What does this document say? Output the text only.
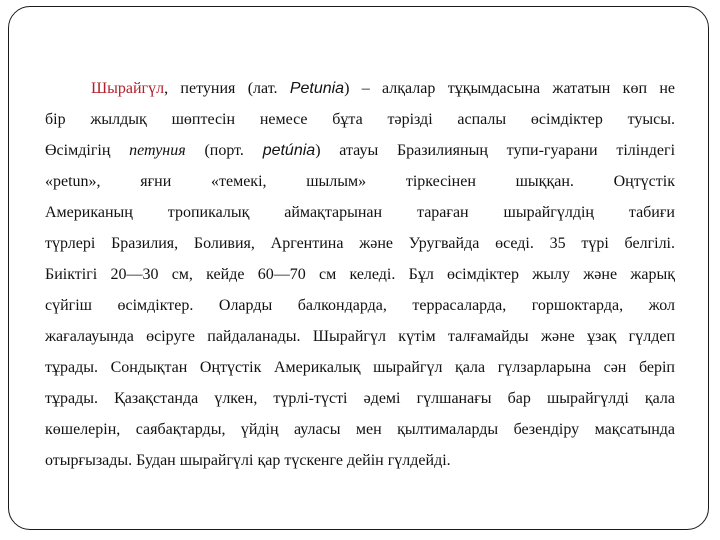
Шырайгүл, петуния (лат. Petunia) – алқалар тұқымдасына жататын көп не
бір жылдық шөптесін немесе бұта тәрізді аспалы өсімдіктер туысы.
Өсімдігің петуния (порт. petúnia) атауы Бразилияның тупи-гуарани тіліндегі
«petun», яғни «темекі, шылым» тіркесінен шыққан. Оңтүстік
Американың тропикалық аймақтарынан тараған шырайгүлдің табиғи
түрлері Бразилия, Боливия, Аргентина және Уругвайда өседі. 35 түрі белгілі.
Биіктігі 20—30 см, кейде 60—70 см келеді. Бұл өсімдіктер жылу және жарық
сүйгіш өсімдіктер. Оларды балкондарда, террасаларда, горшоктарда, жол
жағалауында өсіруге пайдаланады. Шырайгүл күтім талғамайды және ұзақ гүлдеп
тұрады. Сондықтан Оңтүстік Америкалық шырайгүл қала гүлзарларына сән беріп
тұрады. Қазақстанда үлкен, түрлі-түсті әдемі гүлшанағы бар шырайгүлді қала
көшелерін, саябақтарды, үйдің ауласы мен қылтималарды безендіру мақсатында
отырғызады. Будан шырайгүлі қар түскенге дейін гүлдейді.
